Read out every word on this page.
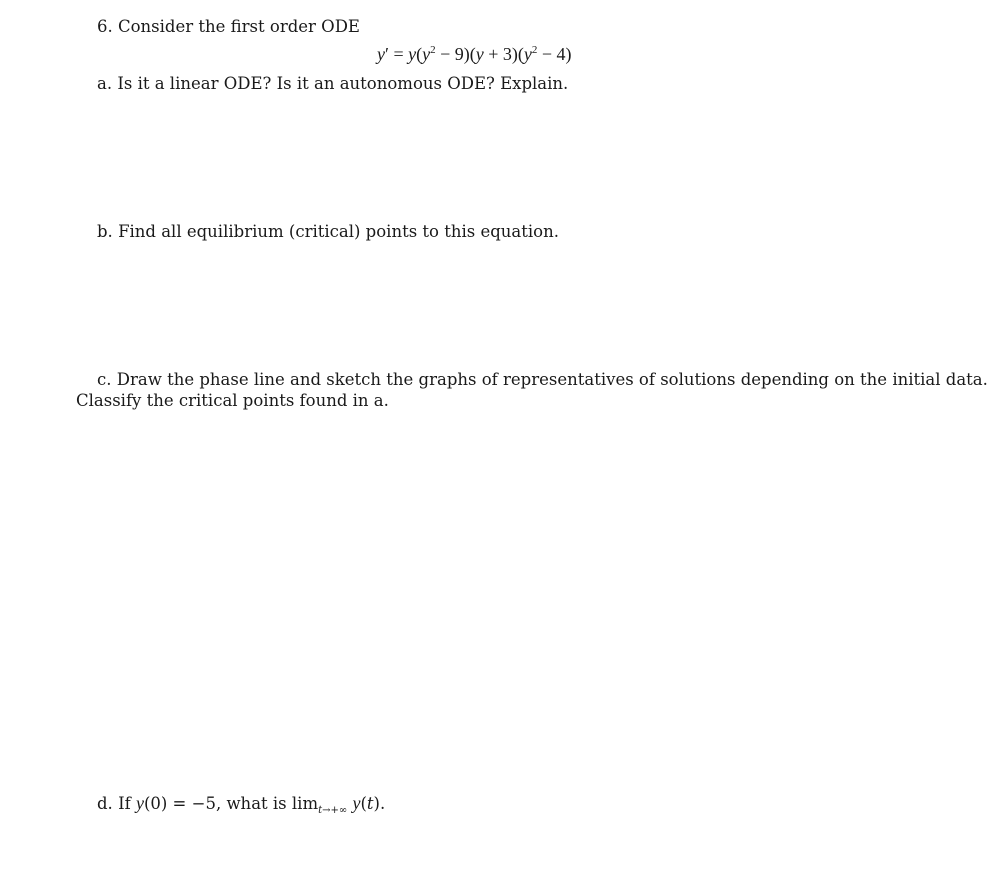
6. Consider the first order ODE
$y' = y(y^2 - 9)(y + 3)(y^2 - 4)$
a. Is it a linear ODE? Is it an autonomous ODE? Explain.
b. Find all equilibrium (critical) points to this equation.
c. Draw the phase line and sketch the graphs of representatives of solutions depending on the initial data.
Classify the critical points found in a.
d. If y(0) = −5, what is $\lim_{t\to+\infty} y(t)$.
